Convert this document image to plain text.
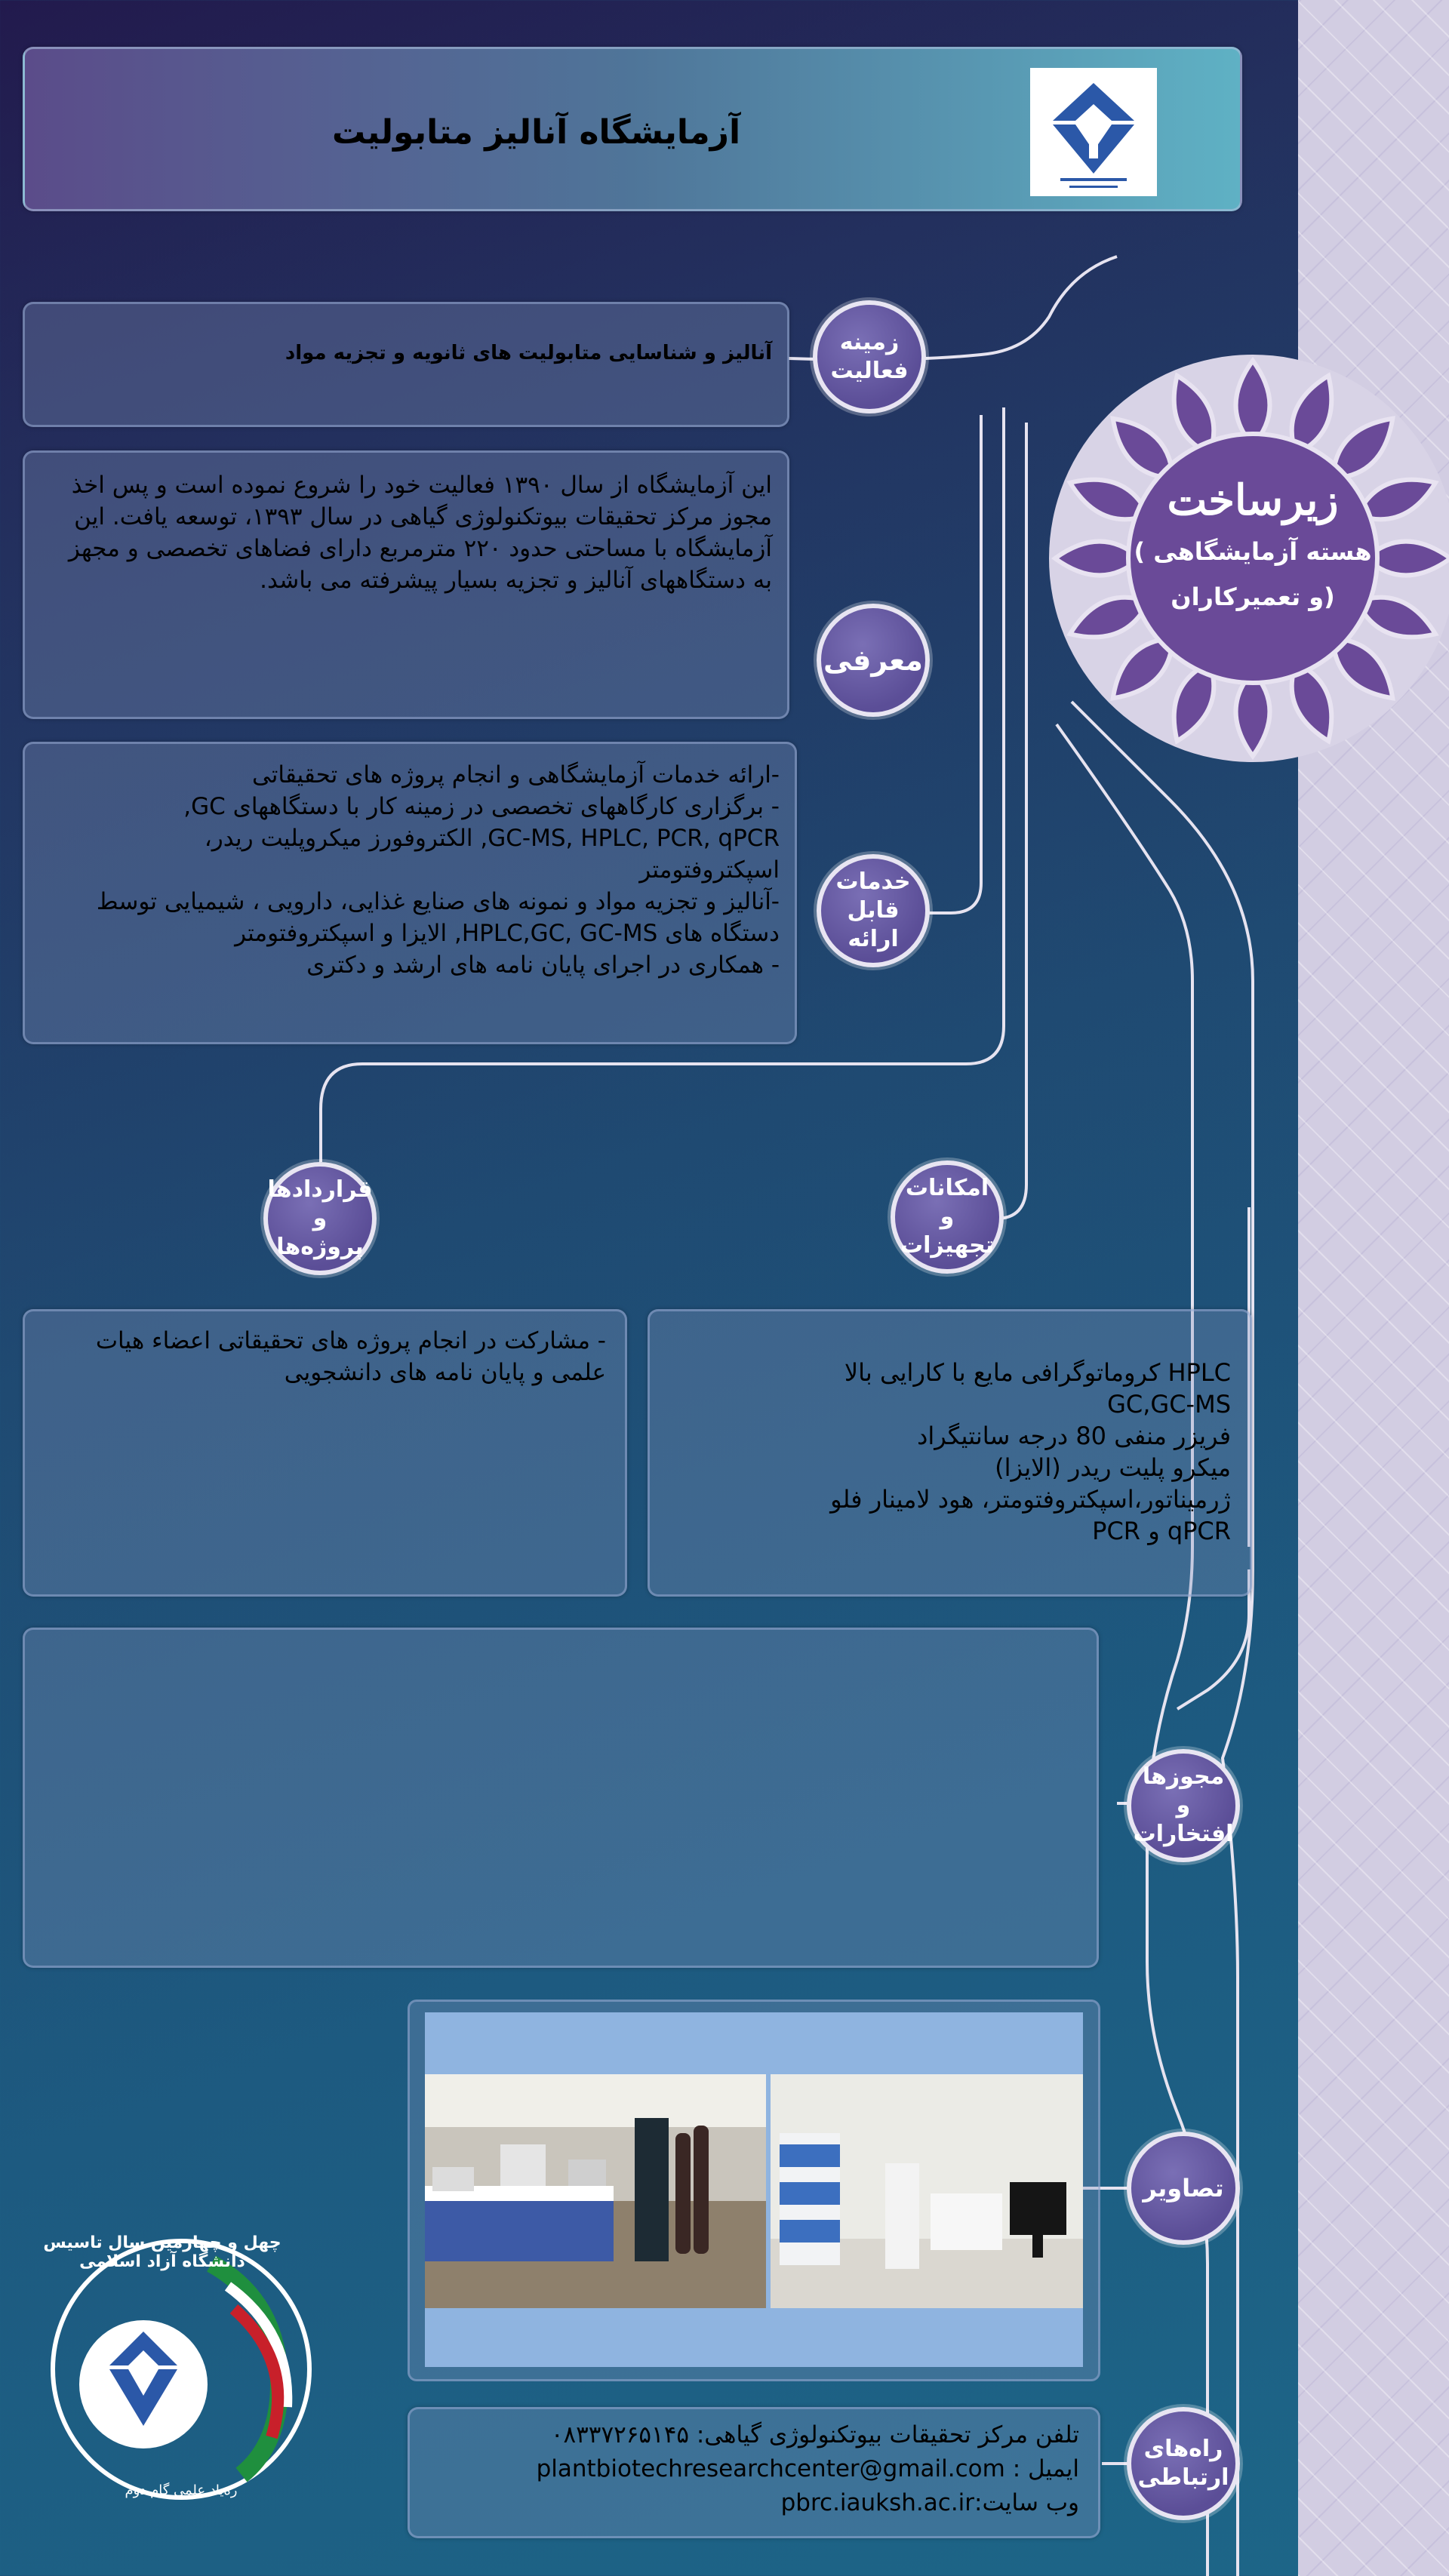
آزمایشگاه آنالیز متابولیت
زیرساخت
( هسته آزمایشگاهی
و تعمیرکاران)
آنالیز و شناسایی متابولیت های ثانویه و تجزیه مواد	زمینه
فعالیت
این آزمایشگاه از سال ۱۳۹۰ فعالیت خود را شروع نموده است و پس اخذ
مجوز مرکز تحقیقات بیوتکنولوژی گیاهی در سال ۱۳۹۳، توسعه یافت. این
آزمایشگاه با مساحتی حدود ۲۲۰ مترمربع دارای فضاهای تخصصی و مجهز
به دستگاههای آنالیز و تجزیه بسیار پیشرفته می باشد.
معرفی
-ارائه خدمات آزمایشگاهی و انجام پروژه های تحقیقاتی
- برگزاری کارگاههای تخصصی در زمینه کار با دستگاههای GC,
GC-MS, HPLC, PCR, qPCR, الکتروفورز میکروپلیت ریدر،
اسپکتروفتومتر
-آنالیز و تجزیه مواد و نمونه های صنایع غذایی، دارویی ، شیمیایی توسط
دستگاه های HPLC,GC, GC-MS, الایزا و اسپکتروفتومتر
- همکاری در اجرای پایان نامه های ارشد و دکتری
خدمات
قابل ارائه
قراردادها و
پروژه‌ها
- مشارکت در انجام پروژه های تحقیقاتی اعضاء هیات
علمی و پایان نامه های دانشجویی
امکانات و
تجهیزات
HPLC کروماتوگرافی مایع با کارایی بالا
GC,GC-MS
فریزر منفی 80 درجه سانتیگراد
میکرو پلیت ریدر (الایزا)
ژرمیناتور،اسپکتروفتومتر، هود لامینار فلو
qPCR و PCR
مجوزها
و افتخارات
تصاویر
تلفن مرکز تحقیقات بیوتکنولوژی گیاهی: ۰۸۳۳۷۲۶۵۱۴۵
ایمیل : plantbiotechresearchcenter@gmail.com
وب سایت:pbrc.iauksh.ac.ir
راه‌های
ارتباطی
چهل‌ و چهارمین سال تاسیس دانشگاه آزاد اسلامی
ره‌یاد علمی گام دوم
